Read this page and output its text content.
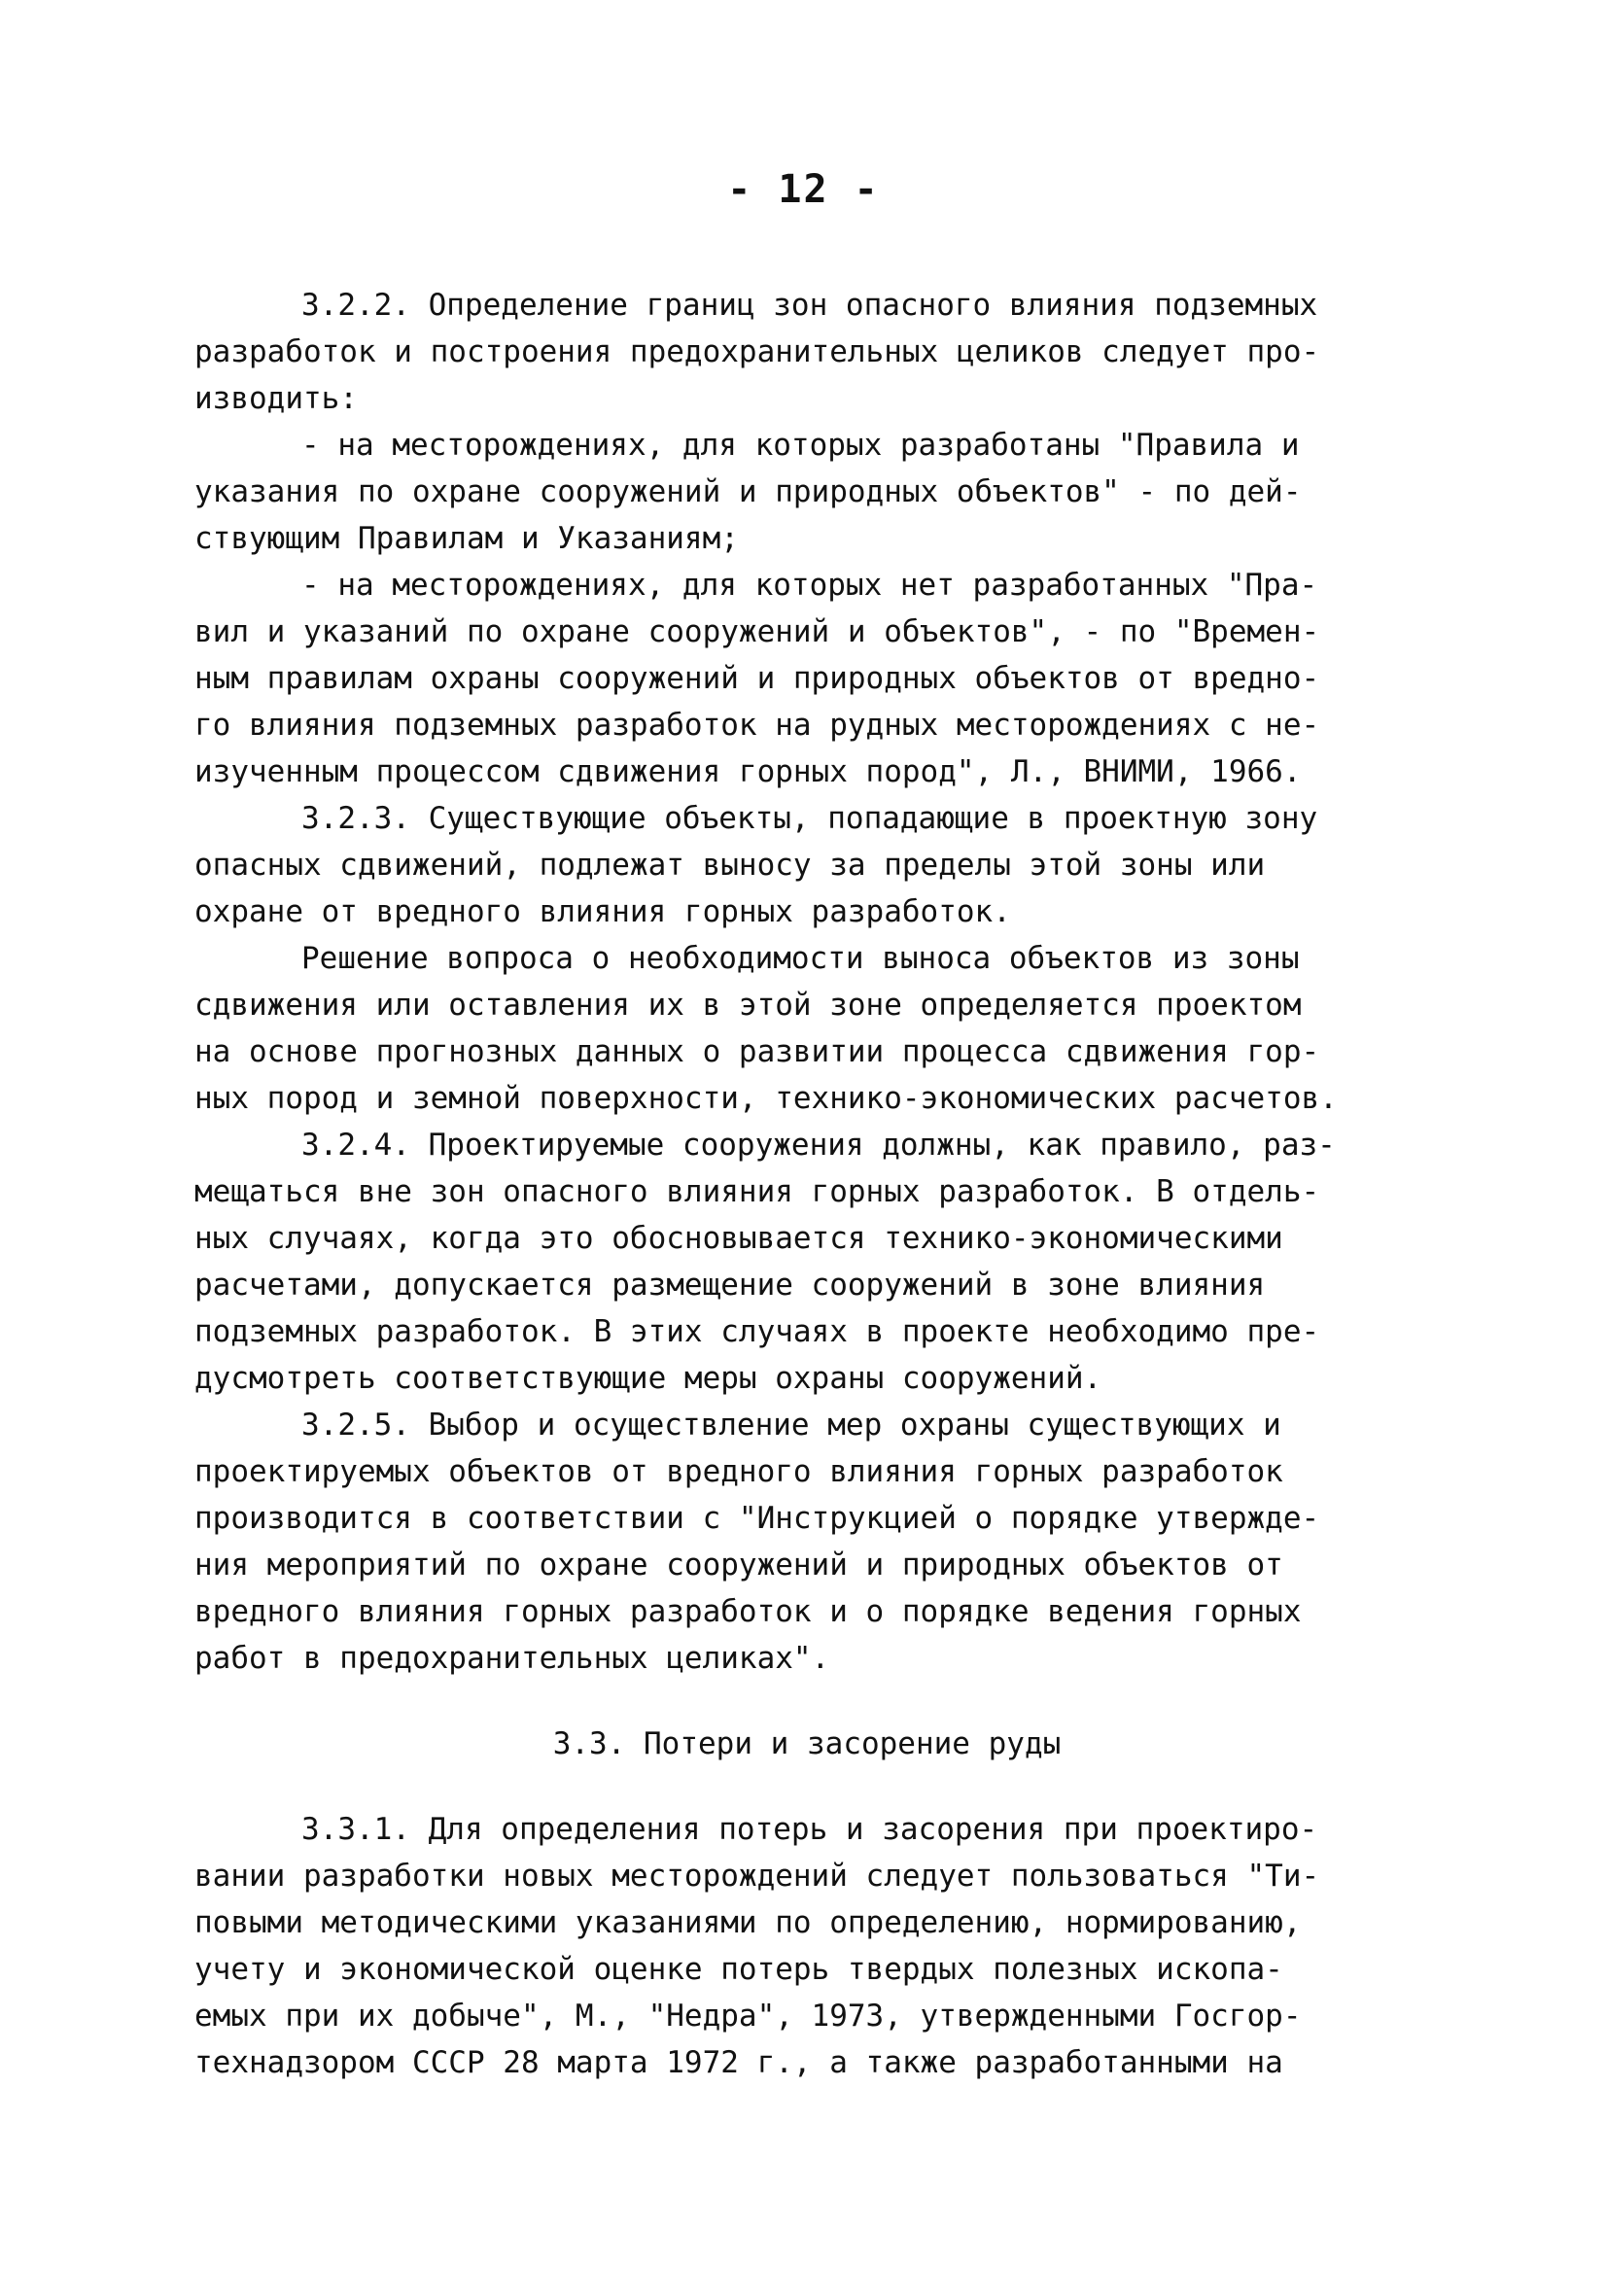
- 12 -
3.2.2. Определение границ зон опасного влияния подземных
разработок и построения предохранительных целиков следует про-
изводить:
- на месторождениях, для которых разработаны "Правила и
указания по охране сооружений и природных объектов" - по дей-
ствующим Правилам и Указаниям;
- на месторождениях, для которых нет разработанных "Пра-
вил и указаний по охране сооружений и объектов", - по "Времен-
ным правилам охраны сооружений и природных объектов от вредно-
го влияния подземных разработок на рудных месторождениях с не-
изученным процессом сдвижения горных пород", Л., ВНИМИ, 1966.
3.2.3. Существующие объекты, попадающие в проектную зону
опасных сдвижений, подлежат выносу за пределы этой зоны или
охране от вредного влияния горных разработок.
Решение вопроса о необходимости выноса объектов из зоны
сдвижения или оставления их в этой зоне определяется проектом
на основе прогнозных данных о развитии процесса сдвижения гор-
ных пород и земной поверхности, технико-экономических расчетов.
3.2.4. Проектируемые сооружения должны, как правило, раз-
мещаться вне зон опасного влияния горных разработок. В отдель-
ных случаях, когда это обосновывается технико-экономическими
расчетами, допускается размещение сооружений в зоне влияния
подземных разработок. В этих случаях в проекте необходимо пре-
дусмотреть соответствующие меры охраны сооружений.
3.2.5. Выбор и осуществление мер охраны существующих и
проектируемых объектов от вредного влияния горных разработок
производится в соответствии с "Инструкцией о порядке утвержде-
ния мероприятий по охране сооружений и природных объектов от
вредного влияния горных разработок и о порядке ведения горных
работ в предохранительных целиках".
3.3. Потери и засорение руды
3.3.1. Для определения потерь и засорения при проектиро-
вании разработки новых месторождений следует пользоваться "Ти-
повыми методическими указаниями по определению, нормированию,
учету и экономической оценке потерь твердых полезных ископа-
емых при их добыче", М., "Недра", 1973, утвержденными Госгор-
технадзором СССР 28 марта 1972 г., а также разработанными на
